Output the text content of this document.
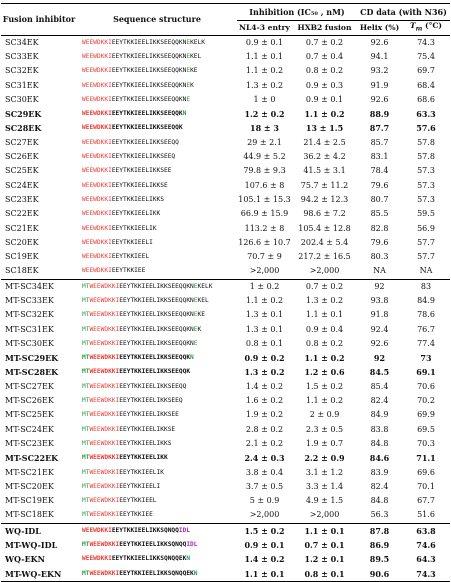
Fusion inhibitor	Sequence structure	Inhibition (IC₅₀ , nM)		CD data (with N36)	
		NL4-3 entry	HXB2 fusion	Helix (%)	$T_m$ (°C)
SC34EK	WEEWDKKIEEYTKKIEELIKKSEEQQKNEKELK	0.9 ± 0.1	0.7 ± 0.2	92.6	74.3
SC33EK	WEEWDKKIEEYTKKIEELIKKSEEQQKNEKEL	1.1 ± 0.1	0.7 ± 0.4	94.1	75.4
SC32EK	WEEWDKKIEEYTKKIEELIKKSEEQQKNEKE	1.1 ± 0.2	0.8 ± 0.2	93.2	69.7
SC31EK	WEEWDKKIEEYTKKIEELIKKSEEQQKNEK	1.3 ± 0.2	0.9 ± 0.3	91.9	68.4
SC30EK	WEEWDKKIEEYTKKIEELIKKSEEQQKNE	1 ± 0	0.9 ± 0.1	92.6	68.6
SC29EK	WEEWDKKIEEYTKKIEELIKKSEEQQKN	1.2 ± 0.2	1.1 ± 0.2	88.9	63.3
SC28EK	WEEWDKKIEEYTKKIEELIKKSEEQQK	18 ± 3	13 ± 1.5	87.7	57.6
SC27EK	WEEWDKKIEEYTKKIEELIKKSEEQQ	29 ± 2.1	21.4 ± 2.5	85.7	57.8
SC26EK	WEEWDKKIEEYTKKIEELIKKSEEQ	44.9 ± 5.2	36.2 ± 4.2	83.1	57.8
SC25EK	WEEWDKKIEEYTKKIEELIKKSEE	79.8 ± 9.3	41.5 ± 3.1	78.4	57.3
SC24EK	WEEWDKKIEEYTKKIEELIKKSE	107.6 ± 8	75.7 ± 11.2	79.6	57.3
SC23EK	WEEWDKKIEEYTKKIEELIKKS	105.1 ± 15.3	94.2 ± 12.3	80.7	57.3
SC22EK	WEEWDKKIEEYTKKIEELIKK	66.9 ± 15.9	98.6 ± 7.2	85.5	59.5
SC21EK	WEEWDKKIEEYTKKIEELIK	113.2 ± 8	105.4 ± 12.8	82.8	56.9
SC20EK	WEEWDKKIEEYTKKIEELI	126.6 ± 10.7	202.4 ± 5.4	79.6	57.7
SC19EK	WEEWDKKIEEYTKKIEEL	70.7 ± 9	217.2 ± 16.5	80.3	57.7
SC18EK	WEEWDKKIEEYTKKIEE	>2,000	>2,000	NA	NA
MT-SC34EK	MTWEEWDKKIEEYTKKIEELIKKSEEQQKNEKELK	1 ± 0.2	0.7 ± 0.2	92	83
MT-SC33EK	MTWEEWDKKIEEYTKKIEELIKKSEEQQKNEKEL	1.1 ± 0.2	1.3 ± 0.2	93.8	84.9
MT-SC32EK	MTWEEWDKKIEEYTKKIEELIKKSEEQQKNEKE	1.3 ± 0.1	1.1 ± 0.1	91.8	78.6
MT-SC31EK	MTWEEWDKKIEEYTKKIEELIKKSEEQQKNEK	1.3 ± 0.1	0.9 ± 0.4	92.4	76.7
MT-SC30EK	MTWEEWDKKIEEYTKKIEELIKKSEEQQKNE	0.8 ± 0.1	0.8 ± 0.2	92.6	77.4
MT-SC29EK	MTWEEWDKKIEEYTKKIEELIKKSEEQQKN	0.9 ± 0.2	1.1 ± 0.2	92	73
MT-SC28EK	MTWEEWDKKIEEYTKKIEELIKKSEEQQK	1.3 ± 0.2	1.2 ± 0.6	84.5	69.1
MT-SC27EK	MTWEEWDKKIEEYTKKIEELIKKSEEQQ	1.4 ± 0.2	1.5 ± 0.2	85.4	70.6
MT-SC26EK	MTWEEWDKKIEEYTKKIEELIKKSEEQ	1.6 ± 0.2	1.1 ± 0.2	82.4	70.2
MT-SC25EK	MTWEEWDKKIEEYTKKIEELIKKSEE	1.9 ± 0.2	2 ± 0.9	84.9	69.9
MT-SC24EK	MTWEEWDKKIEEYTKKIEELIKKSE	2.8 ± 0.2	2.3 ± 0.5	83.8	69.5
MT-SC23EK	MTWEEWDKKIEEYTKKIEELIKKS	2.1 ± 0.2	1.9 ± 0.7	84.8	70.3
MT-SC22EK	MTWEEWDKKIEEYTKKIEELIKK	2.4 ± 0.3	2.2 ± 0.9	84.6	71.1
MT-SC21EK	MTWEEWDKKIEEYTKKIEELIK	3.8 ± 0.4	3.1 ± 1.2	83.9	69.6
MT-SC20EK	MTWEEWDKKIEEYTKKIEELI	3.7 ± 0.5	3.3 ± 1.4	82.4	70.1
MT-SC19EK	MTWEEWDKKIEEYTKKIEEL	5 ± 0.9	4.9 ± 1.5	84.8	67.7
MT-SC18EK	MTWEEWDKKIEEYTKKIEE	>2,000	>2,000	56.3	51.6
WQ-IDL	WEEWDKKIEEYTKKIEELIKKSQNQQIDL	1.5 ± 0.2	1.1 ± 0.1	87.8	63.8
MT-WQ-IDL	MTWEEWDKKIEEYTKKIEELIKKSQNQQIDL	0.9 ± 0.1	0.7 ± 0.1	86.9	74.6
WQ-EKN	WEEWDKKIEEYTKKIEELIKKSQNQQEKN	1.4 ± 0.2	1.2 ± 0.1	89.5	64.3
MT-WQ-EKN	MTWEEWDKKIEEYTKKIEELIKKSQNQQEKN	1.1 ± 0.1	0.8 ± 0.1	90.6	74.3
